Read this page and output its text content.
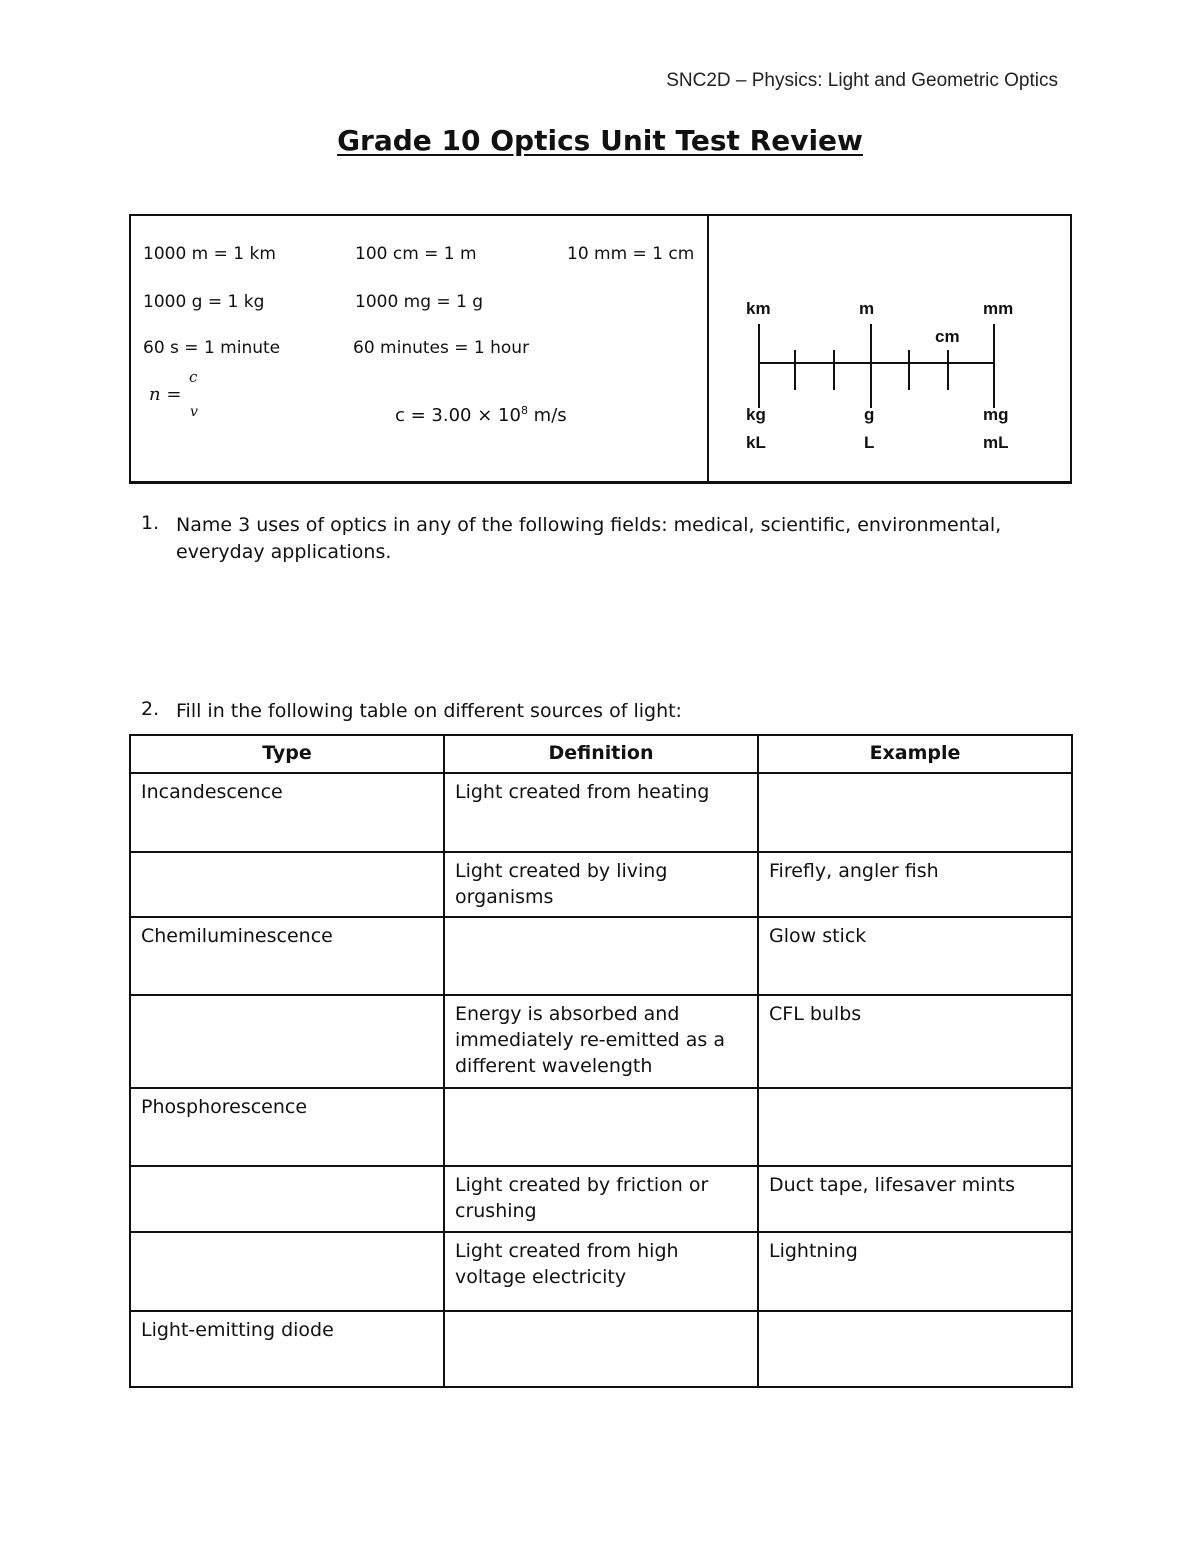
SNC2D – Physics: Light and Geometric Optics
Grade 10 Optics Unit Test Review
1000 m = 1 km	100 cm = 1 m	10 mm = 1 cm
1000 g = 1 kg	1000 mg = 1 g
60 s = 1 minute	60 minutes = 1 hour
n =
c
v	$c = 3.00 \times 10^8$ m/s
km	m	mm
cm
kg	g	mg
kL	L	mL
1. Name 3 uses of optics in any of the following fields: medical, scientific, environmental, everyday applications.
2. Fill in the following table on different sources of light:
Type	Definition	Example
Incandescence	Light created from heating	
	Light created by living organisms	Firefly, angler fish
Chemiluminescence		Glow stick
	Energy is absorbed and immediately re-emitted as a different wavelength	CFL bulbs
Phosphorescence		
	Light created by friction or crushing	Duct tape, lifesaver mints
	Light created from high voltage electricity	Lightning
Light-emitting diode		
